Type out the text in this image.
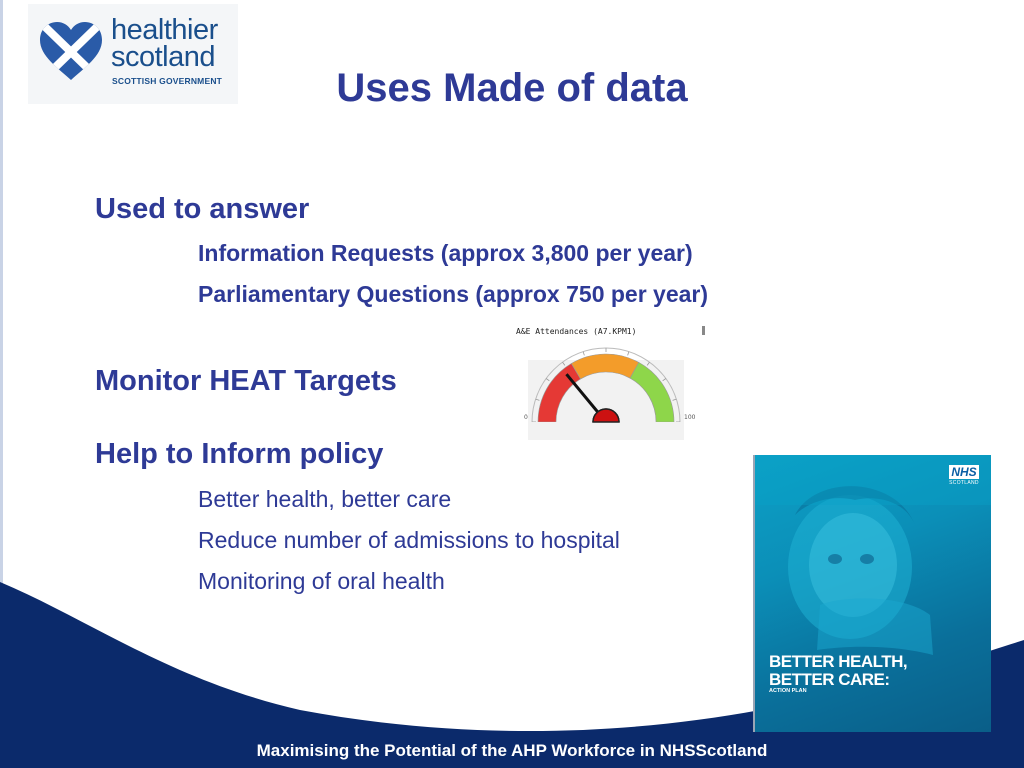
healthier
scotland
SCOTTISH GOVERNMENT	Uses Made of data
Used to answer
Information Requests (approx 3,800 per year)
Parliamentary Questions (approx 750 per year)
Monitor HEAT Targets
Help to Inform policy
Better health, better care
Reduce number of admissions to hospital
Monitoring of oral health
A&E Attendances (A7.KPM1)
0	100
NHS
SCOTLAND
BETTER HEALTH,
BETTER CARE:
ACTION PLAN
Maximising the Potential of the AHP Workforce in NHSScotland
